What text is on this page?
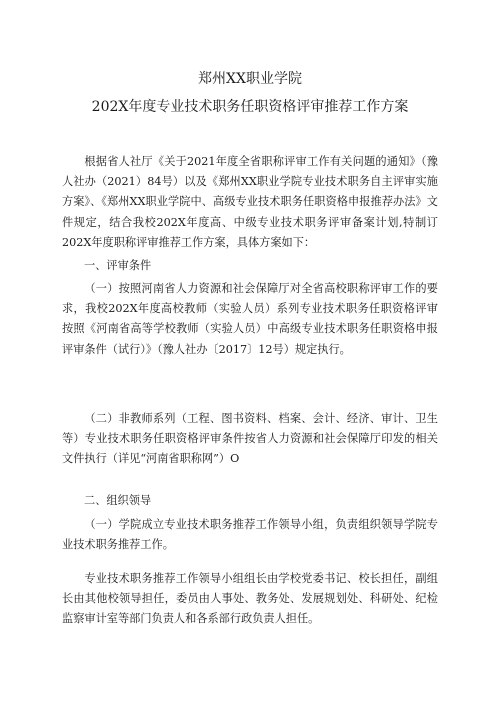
郑州XX职业学院
202X年度专业技术职务任职资格评审推荐工作方案

根据省人社厅《关于2021年度全省职称评审工作有关问题的通知》（豫人社办（2021）84号）以及《郑州XX职业学院专业技术职务自主评审实施方案》、《郑州XX职业学院中、高级专业技术职务任职资格申报推荐办法》文件规定，结合我校202X年度高、中级专业技术职务评审备案计划,特制订202X年度职称评审推荐工作方案，具体方案如下：

一、评审条件

（一）按照河南省人力资源和社会保障厅对全省高校职称评审工作的要求，我校202X年度高校教师（实验人员）系列专业技术职务任职资格评审按照《河南省高等学校教师（实验人员）中高级专业技术职务任职资格申报评审条件（试行）》（豫人社办〔2017〕12号）规定执行。

（二）非教师系列（工程、图书资料、档案、会计、经济、审计、卫生等）专业技术职务任职资格评审条件按省人力资源和社会保障厅印发的相关文件执行（详见“河南省职称网”）O

二、组织领导

（一）学院成立专业技术职务推荐工作领导小组，负责组织领导学院专业技术职务推荐工作。

专业技术职务推荐工作领导小组组长由学校党委书记、校长担任，副组长由其他校领导担任，委员由人事处、教务处、发展规划处、科研处、纪检监察审计室等部门负责人和各系部行政负责人担任。
